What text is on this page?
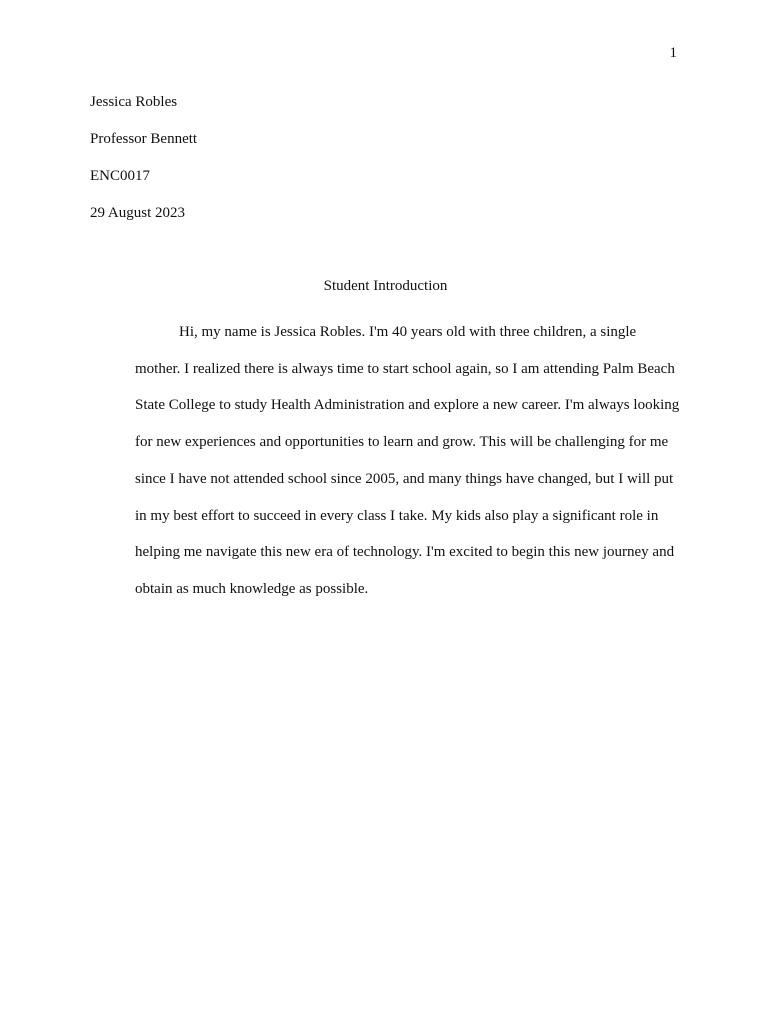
1
Jessica Robles
Professor Bennett
ENC0017
29 August 2023
Student Introduction

Hi, my name is Jessica Robles. I'm 40 years old with three children, a single mother. I realized there is always time to start school again, so I am attending Palm Beach State College to study Health Administration and explore a new career. I'm always looking for new experiences and opportunities to learn and grow. This will be challenging for me since I have not attended school since 2005, and many things have changed, but I will put in my best effort to succeed in every class I take. My kids also play a significant role in helping me navigate this new era of technology. I'm excited to begin this new journey and obtain as much knowledge as possible.
